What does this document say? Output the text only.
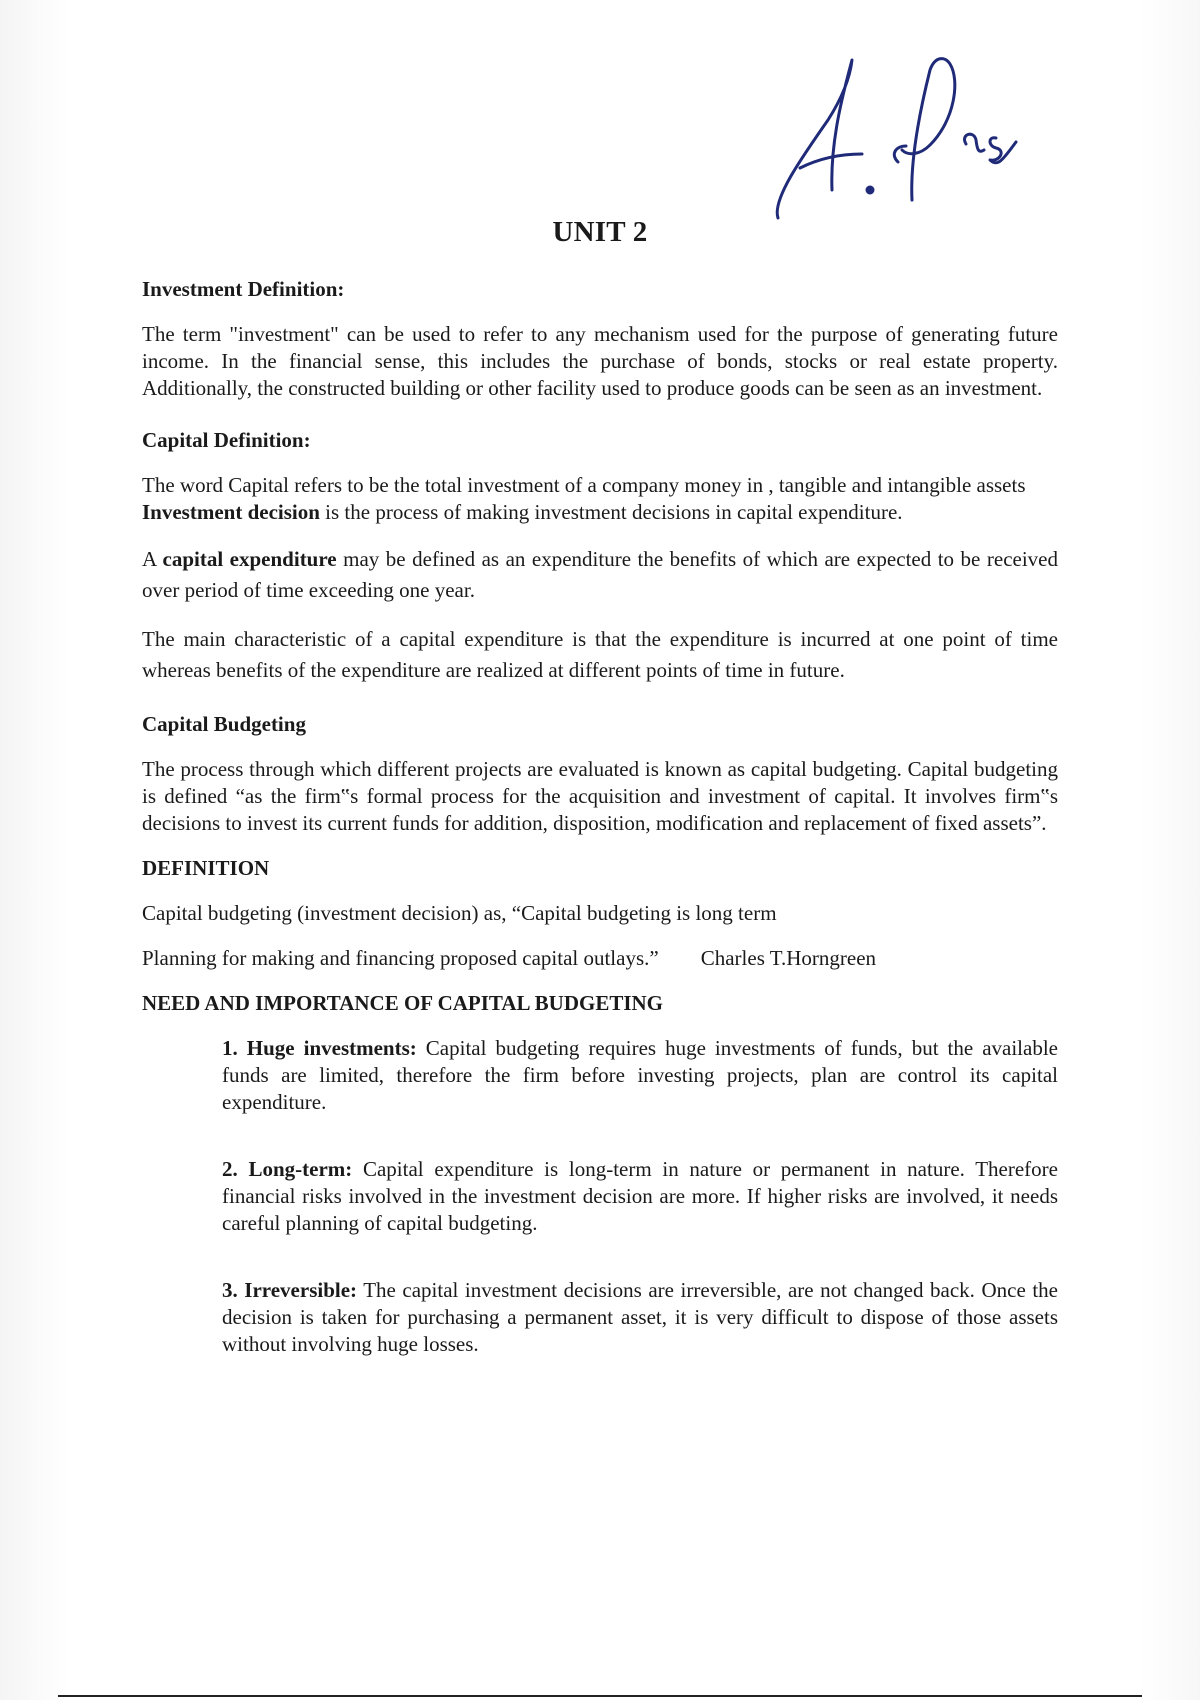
UNIT 2

Investment Definition:

The term "investment" can be used to refer to any mechanism used for the purpose of generating future income. In the financial sense, this includes the purchase of bonds, stocks or real estate property. Additionally, the constructed building or other facility used to produce goods can be seen as an investment.

Capital Definition:

The word Capital refers to be the total investment of a company money in , tangible and intangible assets

Investment decision is the process of making investment decisions in capital expenditure.

A capital expenditure may be defined as an expenditure the benefits of which are expected to be received over period of time exceeding one year.

The main characteristic of a capital expenditure is that the expenditure is incurred at one point of time whereas benefits of the expenditure are realized at different points of time in future.

Capital Budgeting

The process through which different projects are evaluated is known as capital budgeting. Capital budgeting is defined “as the firm‟s formal process for the acquisition and investment of capital. It involves firm‟s decisions to invest its current funds for addition, disposition, modification and replacement of fixed assets”.

DEFINITION

Capital budgeting (investment decision) as, “Capital budgeting is long term

Planning for making and financing proposed capital outlays.” Charles T.Horngreen

NEED AND IMPORTANCE OF CAPITAL BUDGETING

1. Huge investments: Capital budgeting requires huge investments of funds, but the available funds are limited, therefore the firm before investing projects, plan are control its capital expenditure.

2. Long-term: Capital expenditure is long-term in nature or permanent in nature. Therefore financial risks involved in the investment decision are more. If higher risks are involved, it needs careful planning of capital budgeting.

3. Irreversible: The capital investment decisions are irreversible, are not changed back. Once the decision is taken for purchasing a permanent asset, it is very difficult to dispose of those assets without involving huge losses.
